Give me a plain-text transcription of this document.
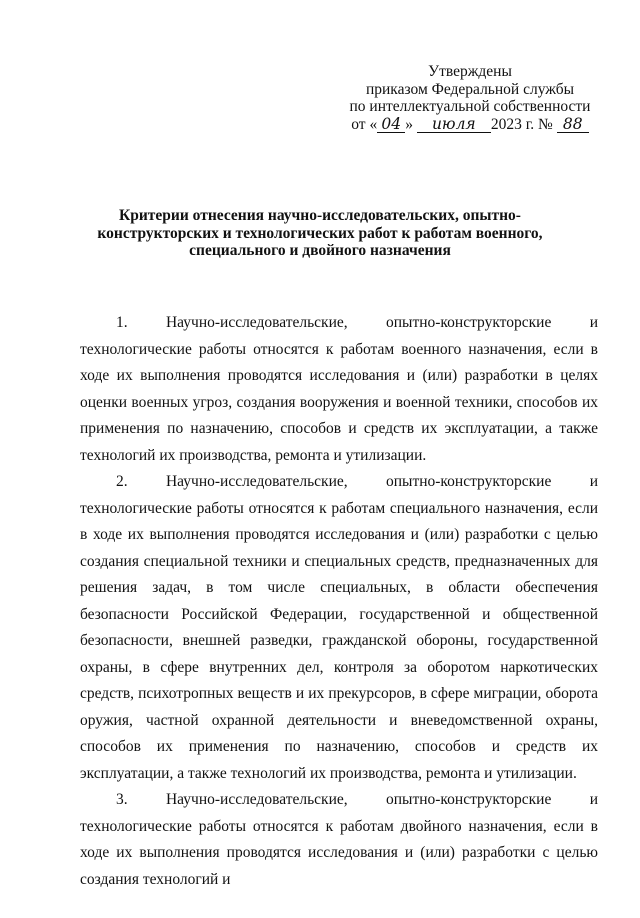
Утверждены
приказом Федеральной службы
по интеллектуальной собственности
от « 04 » июля 2023 г. № 88
Критерии отнесения научно-исследовательских, опытно-конструкторских и технологических работ к работам военного, специального и двойного назначения

1. Научно-исследовательские, опытно-конструкторские и технологические работы относятся к работам военного назначения, если в ходе их выполнения проводятся исследования и (или) разработки в целях оценки военных угроз, создания вооружения и военной техники, способов их применения по назначению, способов и средств их эксплуатации, а также технологий их производства, ремонта и утилизации.

2. Научно-исследовательские, опытно-конструкторские и технологические работы относятся к работам специального назначения, если в ходе их выполнения проводятся исследования и (или) разработки с целью создания специальной техники и специальных средств, предназначенных для решения задач, в том числе специальных, в области обеспечения безопасности Российской Федерации, государственной и общественной безопасности, внешней разведки, гражданской обороны, государственной охраны, в сфере внутренних дел, контроля за оборотом наркотических средств, психотропных веществ и их прекурсоров, в сфере миграции, оборота оружия, частной охранной деятельности и вневедомственной охраны, способов их применения по назначению, способов и средств их эксплуатации, а также технологий их производства, ремонта и утилизации.

3. Научно-исследовательские, опытно-конструкторские и технологические работы относятся к работам двойного назначения, если в ходе их выполнения проводятся исследования и (или) разработки с целью создания технологий и
